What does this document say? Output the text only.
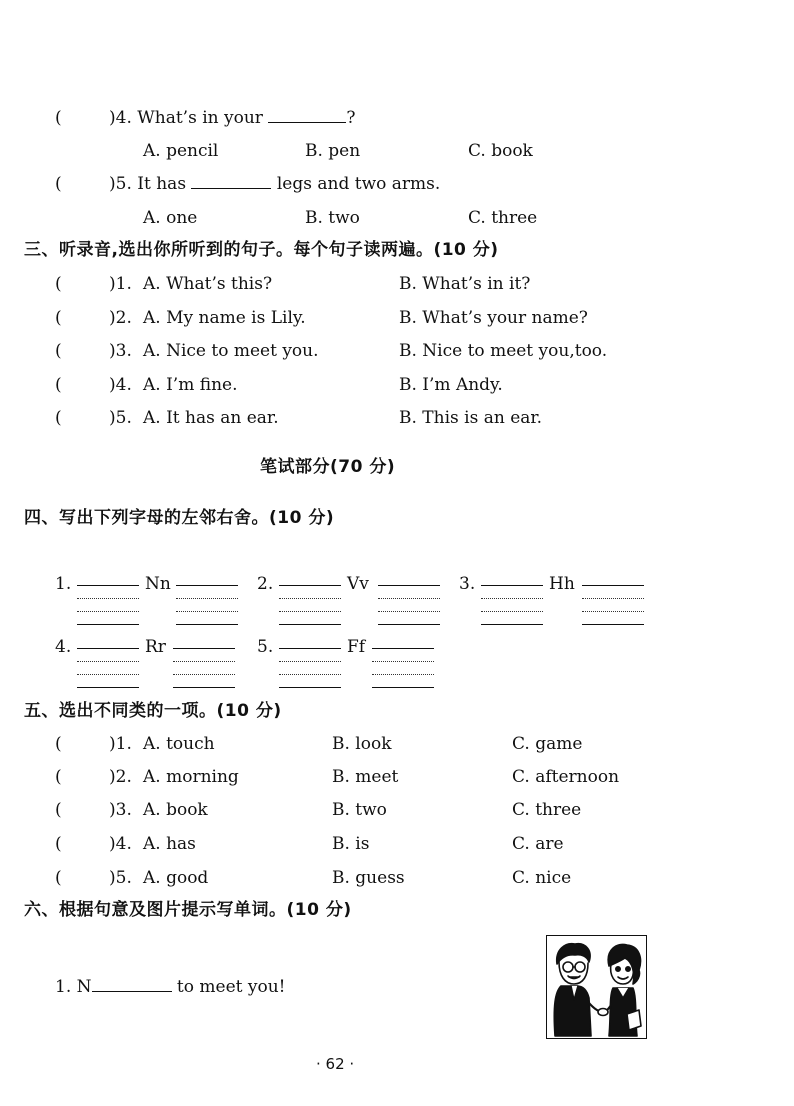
(	)4. What’s in your	?
A. pencil	B. pen	C. book
(	)5. It has	legs and two arms.
A. one	B. two	C. three
三、听录音,选出你所听到的句子。每个句子读两遍。(10 分)
(	)1. A. What’s this?	B. What’s in it?
(	)2. A. My name is Lily.	B. What’s your name?
(	)3. A. Nice to meet you.	B. Nice to meet you,too.
(	)4. A. I’m fine.	B. I’m Andy.
(	)5. A. It has an ear.	B. This is an ear.
笔试部分(70 分)
四、写出下列字母的左邻右舍。(10 分)
1.	Nn	2.	Vv	3.	Hh
4.	Rr	5.	Ff
五、选出不同类的一项。(10 分)
(	)1. A. touch	B. look	C. game
(	)2. A. morning	B. meet	C. afternoon
(	)3. A. book	B. two	C. three
(	)4. A. has	B. is	C. are
(	)5. A. good	B. guess	C. nice
六、根据句意及图片提示写单词。(10 分)
1. N	to meet you!
· 62 ·
